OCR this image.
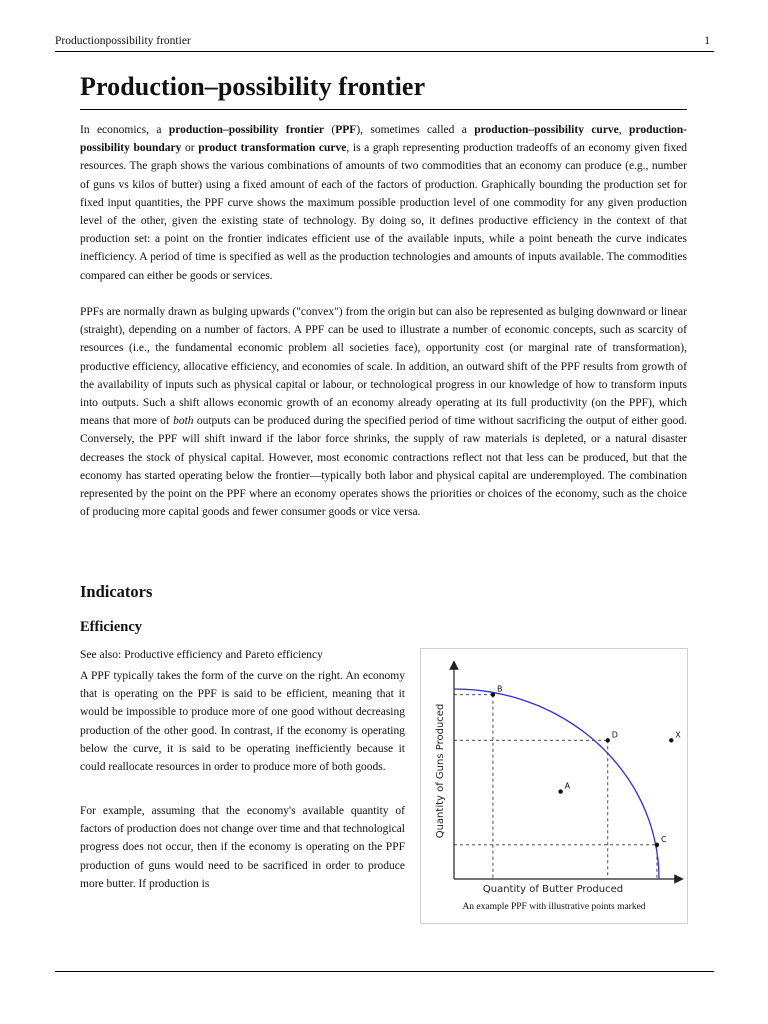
Productionpossibility frontier	1
Production–possibility frontier

In economics, a production–possibility frontier (PPF), sometimes called a production–possibility curve, production-possibility boundary or product transformation curve, is a graph representing production tradeoffs of an economy given fixed resources. The graph shows the various combinations of amounts of two commodities that an economy can produce (e.g., number of guns vs kilos of butter) using a fixed amount of each of the factors of production. Graphically bounding the production set for fixed input quantities, the PPF curve shows the maximum possible production level of one commodity for any given production level of the other, given the existing state of technology. By doing so, it defines productive efficiency in the context of that production set: a point on the frontier indicates efficient use of the available inputs, while a point beneath the curve indicates inefficiency. A period of time is specified as well as the production technologies and amounts of inputs available. The commodities compared can either be goods or services.

PPFs are normally drawn as bulging upwards ("convex") from the origin but can also be represented as bulging downward or linear (straight), depending on a number of factors. A PPF can be used to illustrate a number of economic concepts, such as scarcity of resources (i.e., the fundamental economic problem all societies face), opportunity cost (or marginal rate of transformation), productive efficiency, allocative efficiency, and economies of scale. In addition, an outward shift of the PPF results from growth of the availability of inputs such as physical capital or labour, or technological progress in our knowledge of how to transform inputs into outputs. Such a shift allows economic growth of an economy already operating at its full productivity (on the PPF), which means that more of both outputs can be produced during the specified period of time without sacrificing the output of either good. Conversely, the PPF will shift inward if the labor force shrinks, the supply of raw materials is depleted, or a natural disaster decreases the stock of physical capital. However, most economic contractions reflect not that less can be produced, but that the economy has started operating below the frontier—typically both labor and physical capital are underemployed. The combination represented by the point on the PPF where an economy operates shows the priorities or choices of the economy, such as the choice of producing more capital goods and fewer consumer goods or vice versa.

Indicators
Efficiency

See also: Productive efficiency and Pareto efficiency

A PPF typically takes the form of the curve on the right. An economy that is operating on the PPF is said to be efficient, meaning that it would be impossible to produce more of one good without decreasing production of the other good. In contrast, if the economy is operating below the curve, it is said to be operating inefficiently because it could reallocate resources in order to produce more of both goods.

For example, assuming that the economy's available quantity of factors of production does not change over time and that technological progress does not occur, then if the economy is operating on the PPF production of guns would need to be sacrificed in order to produce more butter. If production is

B
D
C
A
X
Quantity of Guns Produced
Quantity of Butter Produced
An example PPF with illustrative points marked
